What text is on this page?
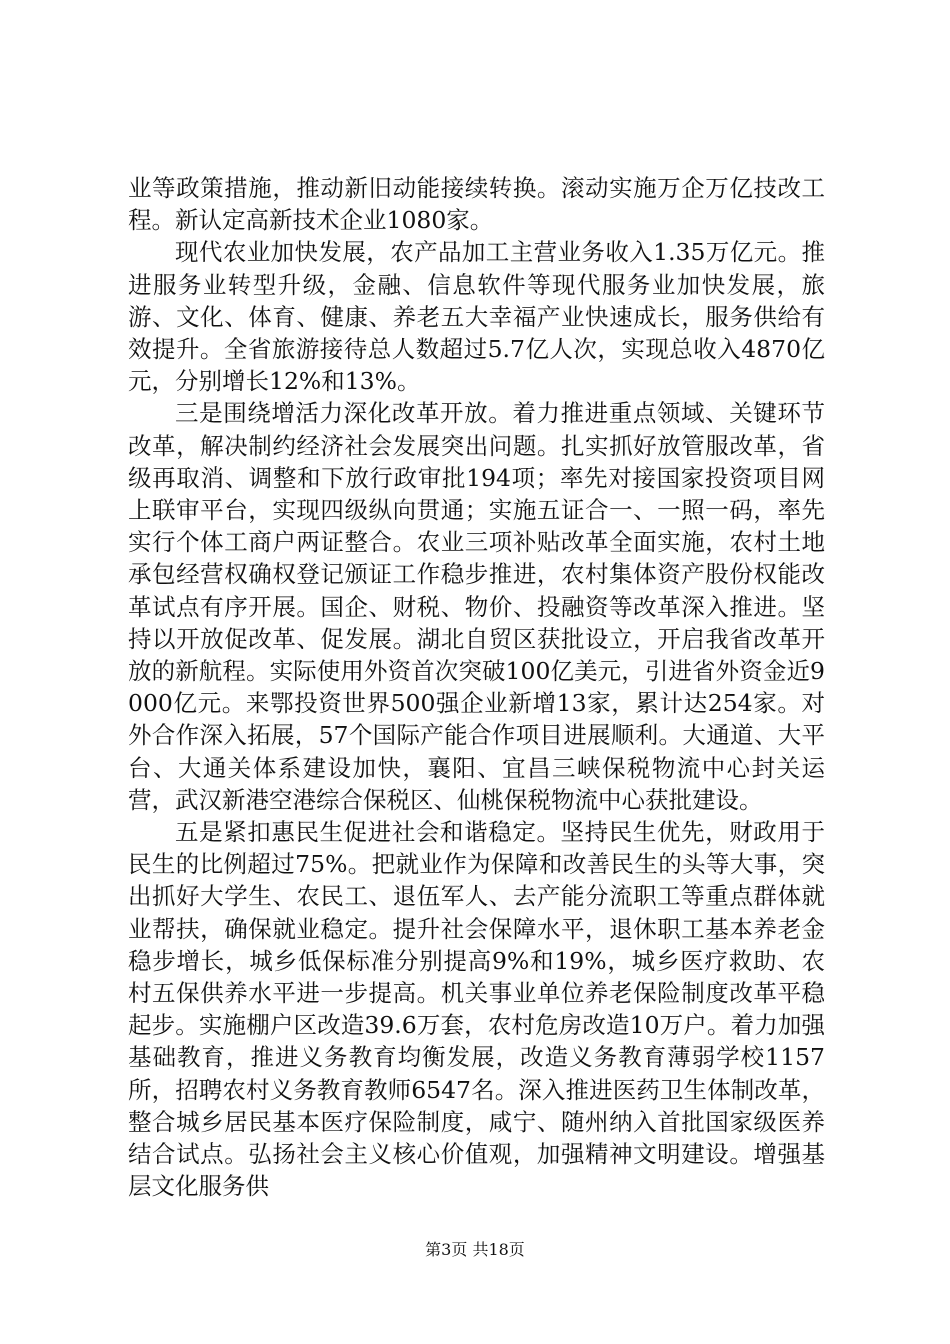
业等政策措施，推动新旧动能接续转换。滚动实施万企万亿技改工程。新认定高新技术企业1080家。

现代农业加快发展，农产品加工主营业务收入1.35万亿元。推进服务业转型升级，金融、信息软件等现代服务业加快发展，旅游、文化、体育、健康、养老五大幸福产业快速成长，服务供给有效提升。全省旅游接待总人数超过5.7亿人次，实现总收入4870亿元，分别增长12%和13%。

三是围绕增活力深化改革开放。着力推进重点领域、关键环节改革，解决制约经济社会发展突出问题。扎实抓好放管服改革，省级再取消、调整和下放行政审批194项；率先对接国家投资项目网上联审平台，实现四级纵向贯通；实施五证合一、一照一码，率先实行个体工商户两证整合。农业三项补贴改革全面实施，农村土地承包经营权确权登记颁证工作稳步推进，农村集体资产股份权能改革试点有序开展。国企、财税、物价、投融资等改革深入推进。坚持以开放促改革、促发展。湖北自贸区获批设立，开启我省改革开放的新航程。实际使用外资首次突破100亿美元，引进省外资金近9000亿元。来鄂投资世界500强企业新增13家，累计达254家。对外合作深入拓展，57个国际产能合作项目进展顺利。大通道、大平台、大通关体系建设加快，襄阳、宜昌三峡保税物流中心封关运营，武汉新港空港综合保税区、仙桃保税物流中心获批建设。

五是紧扣惠民生促进社会和谐稳定。坚持民生优先，财政用于民生的比例超过75%。把就业作为保障和改善民生的头等大事，突出抓好大学生、农民工、退伍军人、去产能分流职工等重点群体就业帮扶，确保就业稳定。提升社会保障水平，退休职工基本养老金稳步增长，城乡低保标准分别提高9%和19%，城乡医疗救助、农村五保供养水平进一步提高。机关事业单位养老保险制度改革平稳起步。实施棚户区改造39.6万套，农村危房改造10万户。着力加强基础教育，推进义务教育均衡发展，改造义务教育薄弱学校1157所，招聘农村义务教育教师6547名。深入推进医药卫生体制改革，整合城乡居民基本医疗保险制度，咸宁、随州纳入首批国家级医养结合试点。弘扬社会主义核心价值观，加强精神文明建设。增强基层文化服务供

第3页 共18页
